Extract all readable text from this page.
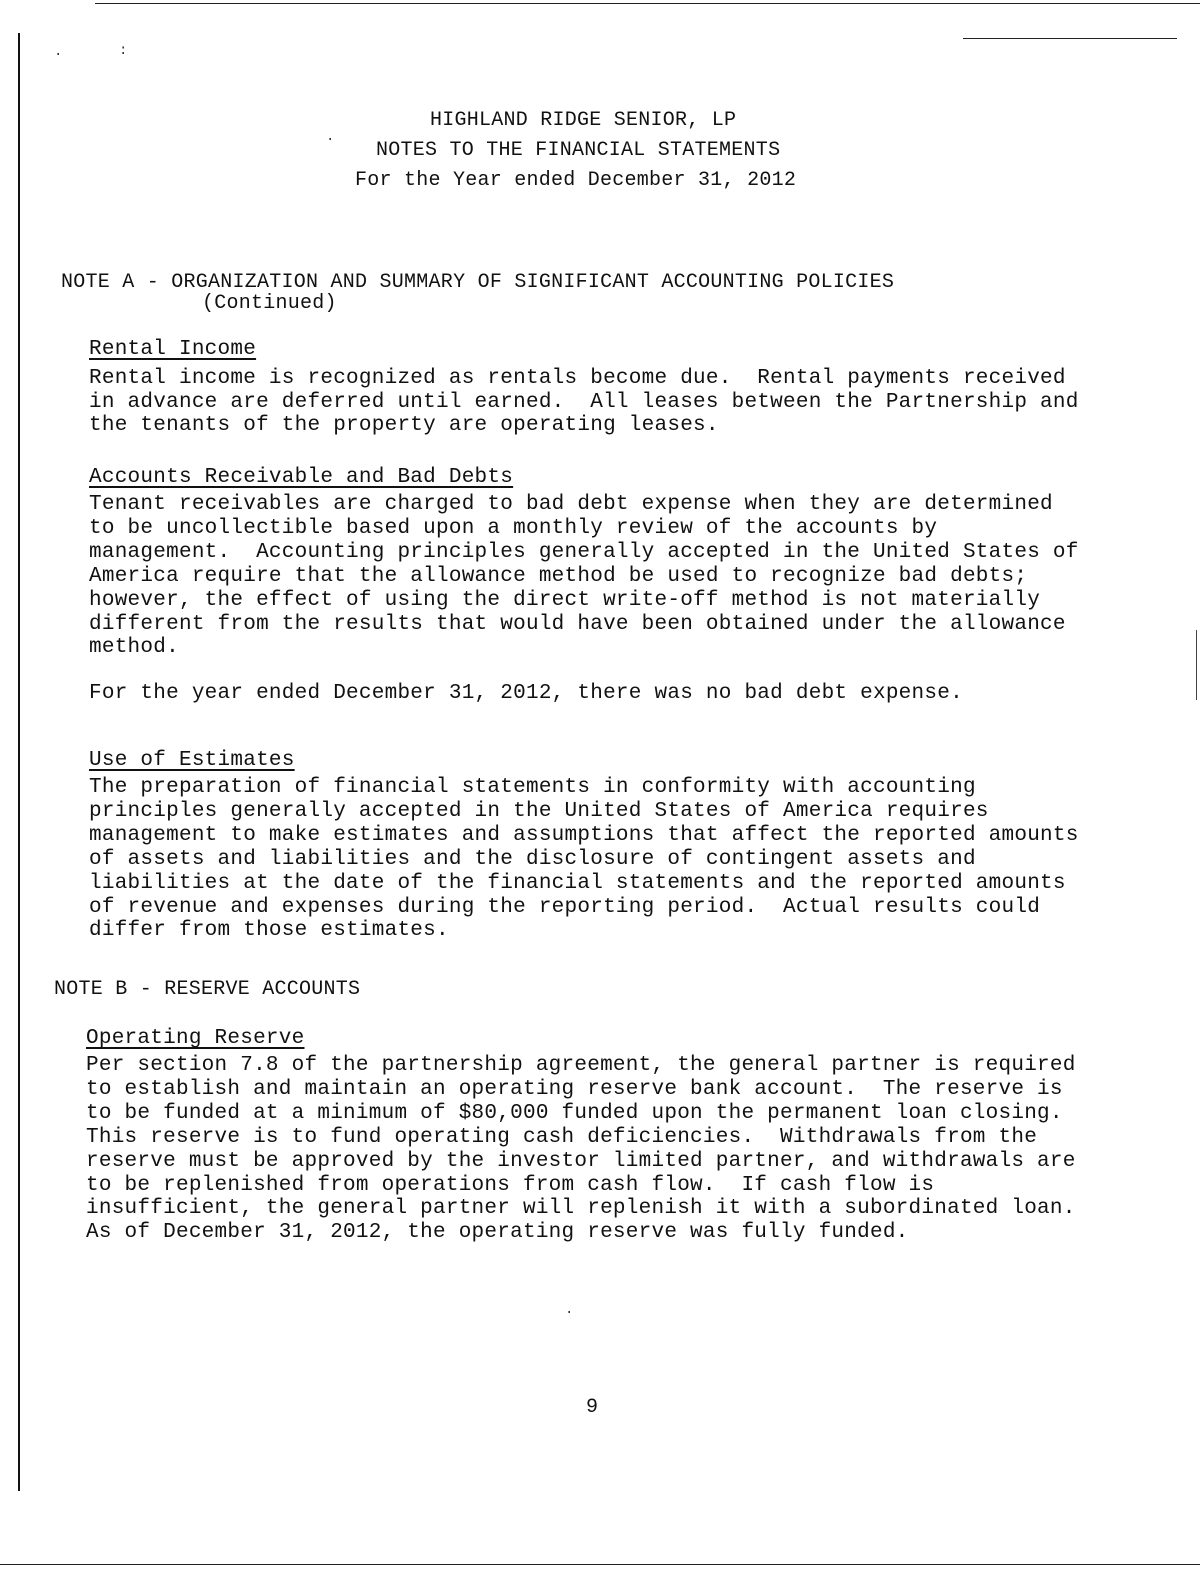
·	:
·
·
HIGHLAND RIDGE SENIOR, LP
NOTES TO THE FINANCIAL STATEMENTS
For the Year ended December 31, 2012
NOTE A - ORGANIZATION AND SUMMARY OF SIGNIFICANT ACCOUNTING POLICIES
(Continued)
Rental Income
Rental income is recognized as rentals become due.  Rental payments received
in advance are deferred until earned.  All leases between the Partnership and
the tenants of the property are operating leases.
Accounts Receivable and Bad Debts
Tenant receivables are charged to bad debt expense when they are determined
to be uncollectible based upon a monthly review of the accounts by
management.  Accounting principles generally accepted in the United States of
America require that the allowance method be used to recognize bad debts;
however, the effect of using the direct write-off method is not materially
different from the results that would have been obtained under the allowance
method.
For the year ended December 31, 2012, there was no bad debt expense.
Use of Estimates
The preparation of financial statements in conformity with accounting
principles generally accepted in the United States of America requires
management to make estimates and assumptions that affect the reported amounts
of assets and liabilities and the disclosure of contingent assets and
liabilities at the date of the financial statements and the reported amounts
of revenue and expenses during the reporting period.  Actual results could
differ from those estimates.
NOTE B - RESERVE ACCOUNTS
Operating Reserve
Per section 7.8 of the partnership agreement, the general partner is required
to establish and maintain an operating reserve bank account.  The reserve is
to be funded at a minimum of $80,000 funded upon the permanent loan closing.
This reserve is to fund operating cash deficiencies.  Withdrawals from the
reserve must be approved by the investor limited partner, and withdrawals are
to be replenished from operations from cash flow.  If cash flow is
insufficient, the general partner will replenish it with a subordinated loan.
As of December 31, 2012, the operating reserve was fully funded.
9
